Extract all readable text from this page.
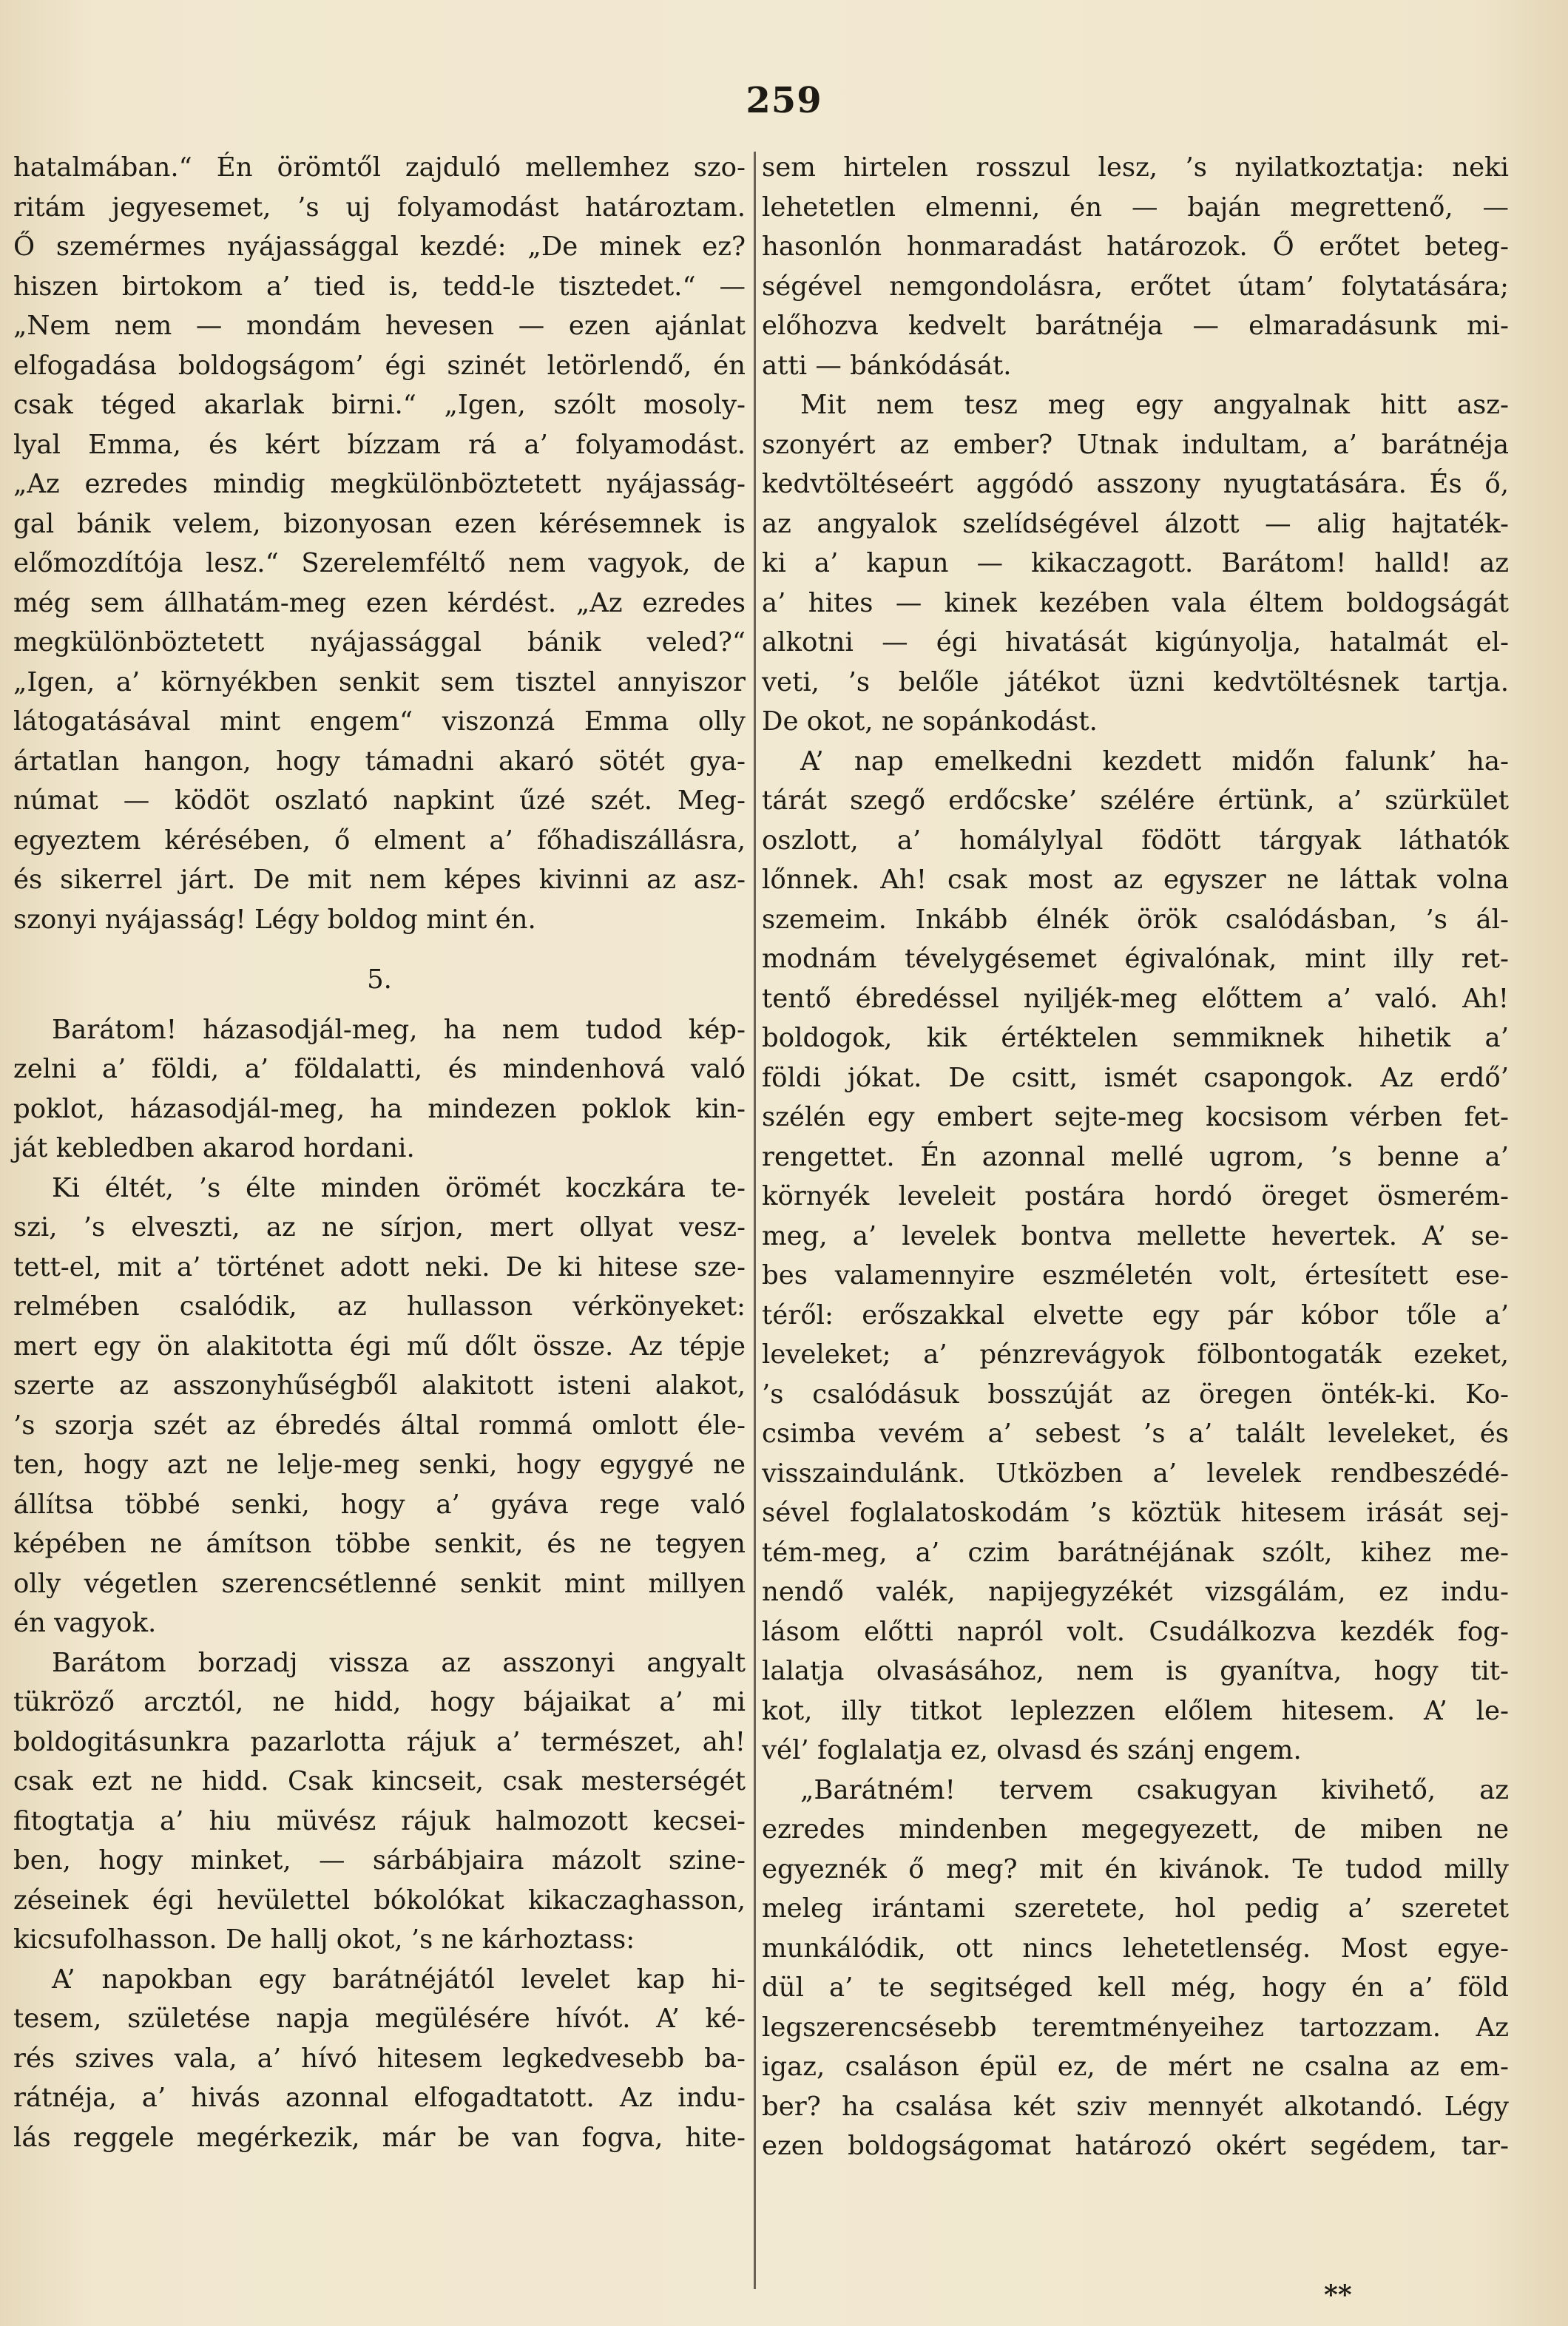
259
hatalmában.“ Én örömtől zajduló mellemhez szo-
ritám jegyesemet, ’s uj folyamodást határoztam.
Ő szemérmes nyájassággal kezdé: „De minek ez?
hiszen birtokom a’ tied is, tedd-le tisztedet.“ —
„Nem nem — mondám hevesen — ezen ajánlat
elfogadása boldogságom’ égi szinét letörlendő, én
csak téged akarlak birni.“ „Igen, szólt mosoly-
lyal Emma, és kért bízzam rá a’ folyamodást.
„Az ezredes mindig megkülönböztetett nyájasság-
gal bánik velem, bizonyosan ezen kérésemnek is
előmozdítója lesz.“ Szerelemféltő nem vagyok, de
még sem állhatám-meg ezen kérdést. „Az ezredes
megkülönböztetett nyájassággal bánik veled?“
„Igen, a’ környékben senkit sem tisztel annyiszor
látogatásával mint engem“ viszonzá Emma olly
ártatlan hangon, hogy támadni akaró sötét gya-
númat — ködöt oszlató napkint űzé szét. Meg-
egyeztem kérésében, ő elment a’ főhadiszállásra,
és sikerrel járt. De mit nem képes kivinni az asz-
szonyi nyájasság! Légy boldog mint én.
5.
Barátom! házasodjál-meg, ha nem tudod kép-
zelni a’ földi, a’ földalatti, és mindenhová való
poklot, házasodjál-meg, ha mindezen poklok kin-
ját kebledben akarod hordani.
Ki éltét, ’s élte minden örömét koczkára te-
szi, ’s elveszti, az ne sírjon, mert ollyat vesz-
tett-el, mit a’ történet adott neki. De ki hitese sze-
relmében csalódik, az hullasson vérkönyeket:
mert egy ön alakitotta égi mű dőlt össze. Az tépje
szerte az asszonyhűségből alakitott isteni alakot,
’s szorja szét az ébredés által rommá omlott éle-
ten, hogy azt ne lelje-meg senki, hogy egygyé ne
állítsa többé senki, hogy a’ gyáva rege való
képében ne ámítson többe senkit, és ne tegyen
olly végetlen szerencsétlenné senkit mint millyen
én vagyok.
Barátom borzadj vissza az asszonyi angyalt
tükröző arcztól, ne hidd, hogy bájaikat a’ mi
boldogitásunkra pazarlotta rájuk a’ természet, ah!
csak ezt ne hidd. Csak kincseit, csak mesterségét
fitogtatja a’ hiu müvész rájuk halmozott kecsei-
ben, hogy minket, — sárbábjaira mázolt szine-
zéseinek égi hevülettel bókolókat kikaczaghasson,
kicsufolhasson. De hallj okot, ’s ne kárhoztass:
A’ napokban egy barátnéjától levelet kap hi-
tesem, születése napja megülésére hívót. A’ ké-
rés szives vala, a’ hívó hitesem legkedvesebb ba-
rátnéja, a’ hivás azonnal elfogadtatott. Az indu-
lás reggele megérkezik, már be van fogva, hite-
sem hirtelen rosszul lesz, ’s nyilatkoztatja: neki
lehetetlen elmenni, én — baján megrettenő, —
hasonlón honmaradást határozok. Ő erőtet beteg-
ségével nemgondolásra, erőtet útam’ folytatására;
előhozva kedvelt barátnéja — elmaradásunk mi-
atti — bánkódását.
Mit nem tesz meg egy angyalnak hitt asz-
szonyért az ember? Utnak indultam, a’ barátnéja
kedvtöltéseért aggódó asszony nyugtatására. És ő,
az angyalok szelídségével álzott — alig hajtaték-
ki a’ kapun — kikaczagott. Barátom! halld! az
a’ hites — kinek kezében vala éltem boldogságát
alkotni — égi hivatását kigúnyolja, hatalmát el-
veti, ’s belőle játékot üzni kedvtöltésnek tartja.
De okot, ne sopánkodást.
A’ nap emelkedni kezdett midőn falunk’ ha-
tárát szegő erdőcske’ szélére értünk, a’ szürkület
oszlott, a’ homálylyal födött tárgyak láthatók
lőnnek. Ah! csak most az egyszer ne láttak volna
szemeim. Inkább élnék örök csalódásban, ’s ál-
modnám tévelygésemet égivalónak, mint illy ret-
tentő ébredéssel nyiljék-meg előttem a’ való. Ah!
boldogok, kik értéktelen semmiknek hihetik a’
földi jókat. De csitt, ismét csapongok. Az erdő’
szélén egy embert sejte-meg kocsisom vérben fet-
rengettet. Én azonnal mellé ugrom, ’s benne a’
környék leveleit postára hordó öreget ösmerém-
meg, a’ levelek bontva mellette hevertek. A’ se-
bes valamennyire eszméletén volt, értesített ese-
téről: erőszakkal elvette egy pár kóbor tőle a’
leveleket; a’ pénzrevágyok fölbontogaták ezeket,
’s csalódásuk bosszúját az öregen önték-ki. Ko-
csimba vevém a’ sebest ’s a’ talált leveleket, és
visszaindulánk. Utközben a’ levelek rendbeszédé-
sével foglalatoskodám ’s köztük hitesem irását sej-
tém-meg, a’ czim barátnéjának szólt, kihez me-
nendő valék, napijegyzékét vizsgálám, ez indu-
lásom előtti napról volt. Csudálkozva kezdék fog-
lalatja olvasásához, nem is gyanítva, hogy tit-
kot, illy titkot leplezzen előlem hitesem. A’ le-
vél’ foglalatja ez, olvasd és szánj engem.
„Barátném! tervem csakugyan kivihető, az
ezredes mindenben megegyezett, de miben ne
egyeznék ő meg? mit én kivánok. Te tudod milly
meleg irántami szeretete, hol pedig a’ szeretet
munkálódik, ott nincs lehetetlenség. Most egye-
dül a’ te segitséged kell még, hogy én a’ föld
legszerencsésebb teremtményeihez tartozzam. Az
igaz, csaláson épül ez, de mért ne csalna az em-
ber? ha csalása két sziv mennyét alkotandó. Légy
ezen boldogságomat határozó okért segédem, tar-
**
